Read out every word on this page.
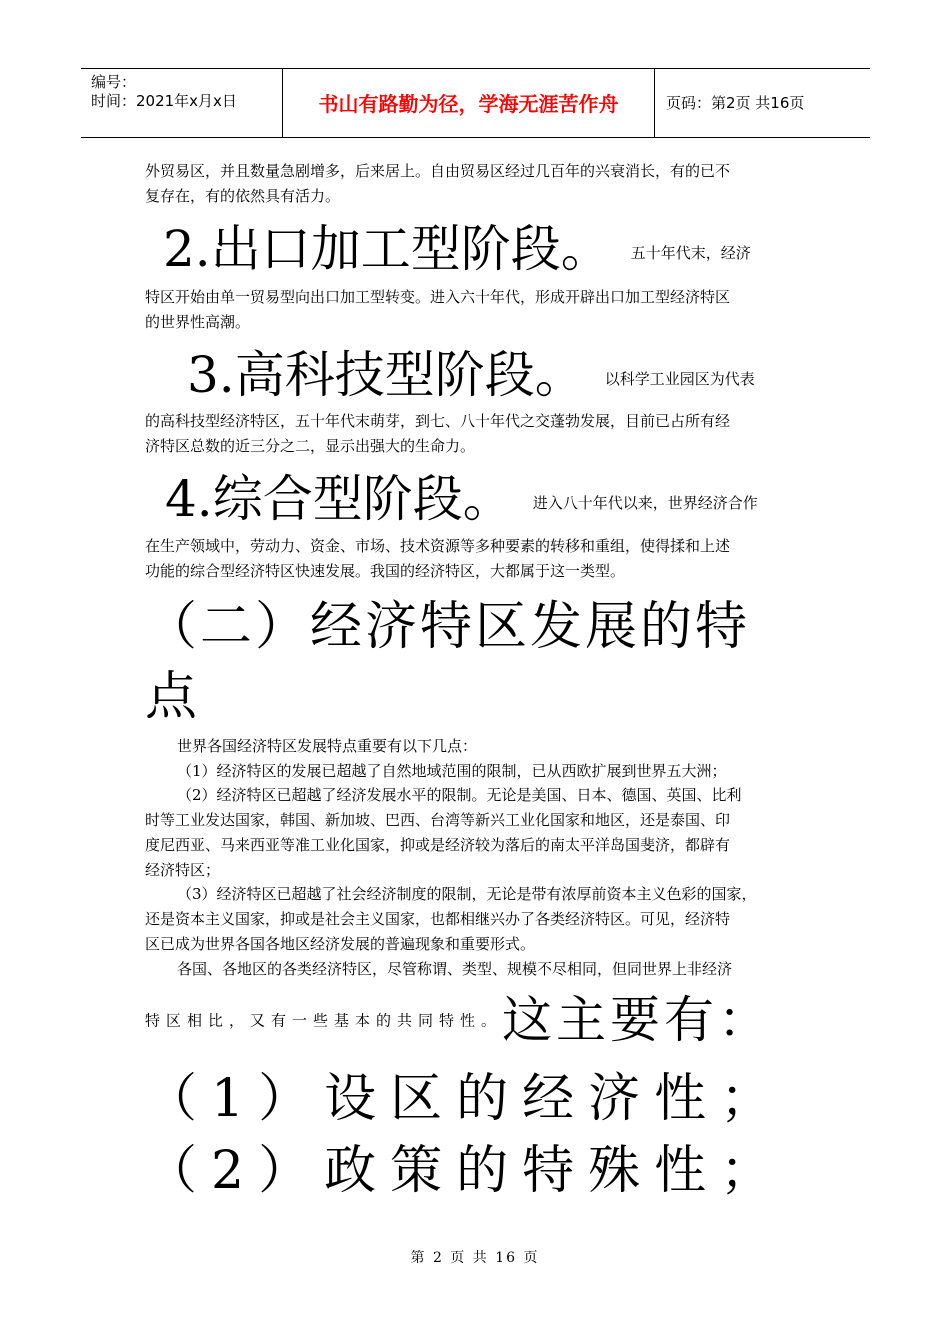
编号：
时间：2021年x月x日	书山有路勤为径，学海无涯苦作舟	页码：第2页 共16页
外贸易区，并且数量急剧增多，后来居上。自由贸易区经过几百年的兴衰消长，有的已不
复存在，有的依然具有活力。
2.出口加工型阶段。 五十年代末，经济
特区开始由单一贸易型向出口加工型转变。进入六十年代，形成开辟出口加工型经济特区
的世界性高潮。
3.高科技型阶段。 以科学工业园区为代表
的高科技型经济特区，五十年代末萌芽，到七、八十年代之交蓬勃发展，目前已占所有经
济特区总数的近三分之二，显示出强大的生命力。
4.综合型阶段。 进入八十年代以来，世界经济合作
在生产领域中，劳动力、资金、市场、技术资源等多种要素的转移和重组，使得揉和上述
功能的综合型经济特区快速发展。我国的经济特区，大都属于这一类型。
（二）经济特区发展的特
点
世界各国经济特区发展特点重要有以下几点：
（1）经济特区的发展已超越了自然地域范围的限制，已从西欧扩展到世界五大洲；
（2）经济特区已超越了经济发展水平的限制。无论是美国、日本、德国、英国、比利
时等工业发达国家，韩国、新加坡、巴西、台湾等新兴工业化国家和地区，还是泰国、印
度尼西亚、马来西亚等准工业化国家，抑或是经济较为落后的南太平洋岛国斐济，都辟有
经济特区；
（3）经济特区已超越了社会经济制度的限制，无论是带有浓厚前资本主义色彩的国家，
还是资本主义国家，抑或是社会主义国家，也都相继兴办了各类经济特区。可见，经济特
区已成为世界各国各地区经济发展的普遍现象和重要形式。
各国、各地区的各类经济特区，尽管称谓、类型、规模不尽相同，但同世界上非经济
特区相比，又有一些基本的共同特性。这主要有：
（1）设区的经济性；
（2）政策的特殊性；
第 2 页 共 16 页
